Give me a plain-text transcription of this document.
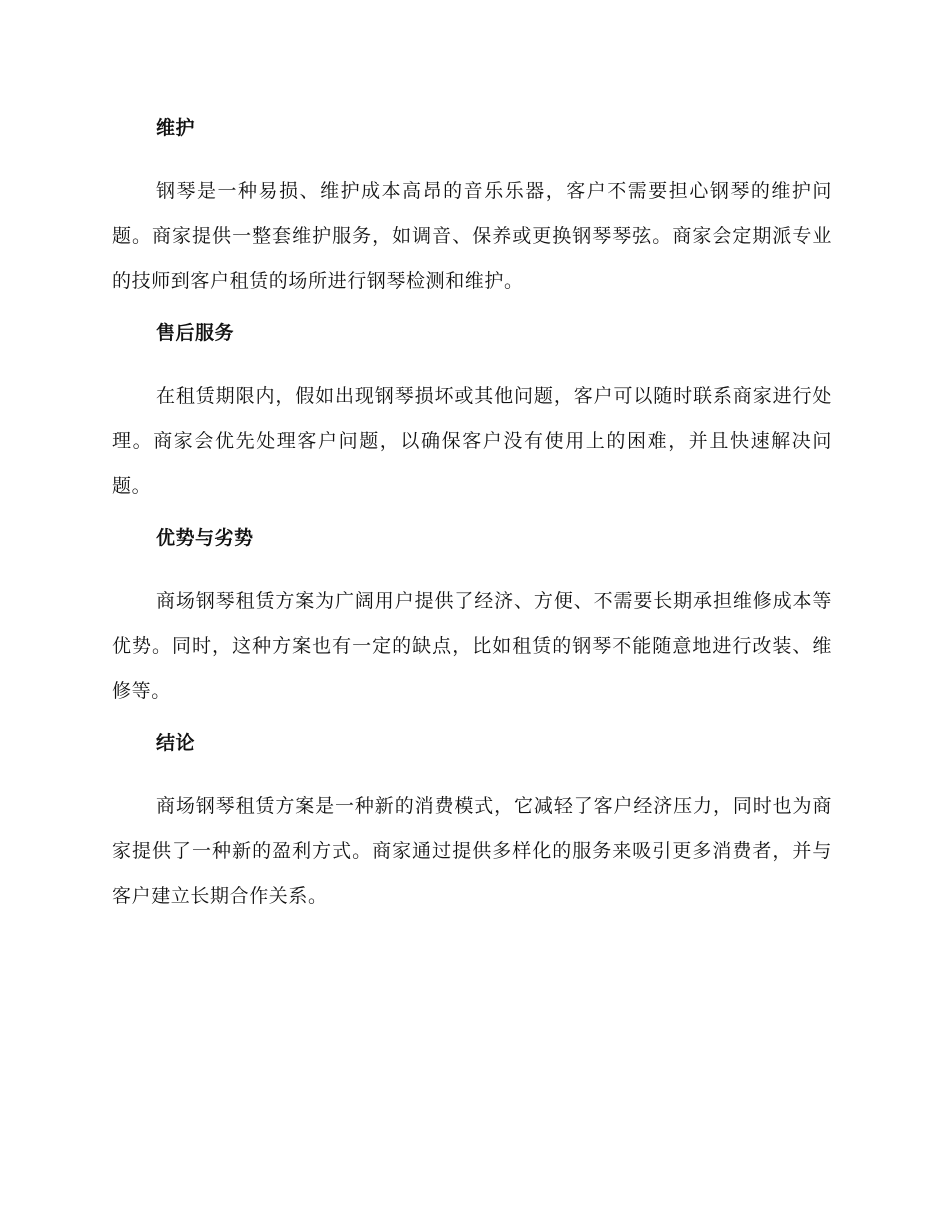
维护

钢琴是一种易损、维护成本高昂的音乐乐器，客户不需要担心钢琴的维护问题。商家提供一整套维护服务，如调音、保养或更换钢琴琴弦。商家会定期派专业的技师到客户租赁的场所进行钢琴检测和维护。

售后服务

在租赁期限内，假如出现钢琴损坏或其他问题，客户可以随时联系商家进行处理。商家会优先处理客户问题，以确保客户没有使用上的困难，并且快速解决问题。

优势与劣势

商场钢琴租赁方案为广阔用户提供了经济、方便、不需要长期承担维修成本等优势。同时，这种方案也有一定的缺点，比如租赁的钢琴不能随意地进行改装、维修等。

结论

商场钢琴租赁方案是一种新的消费模式，它减轻了客户经济压力，同时也为商家提供了一种新的盈利方式。商家通过提供多样化的服务来吸引更多消费者，并与客户建立长期合作关系。
